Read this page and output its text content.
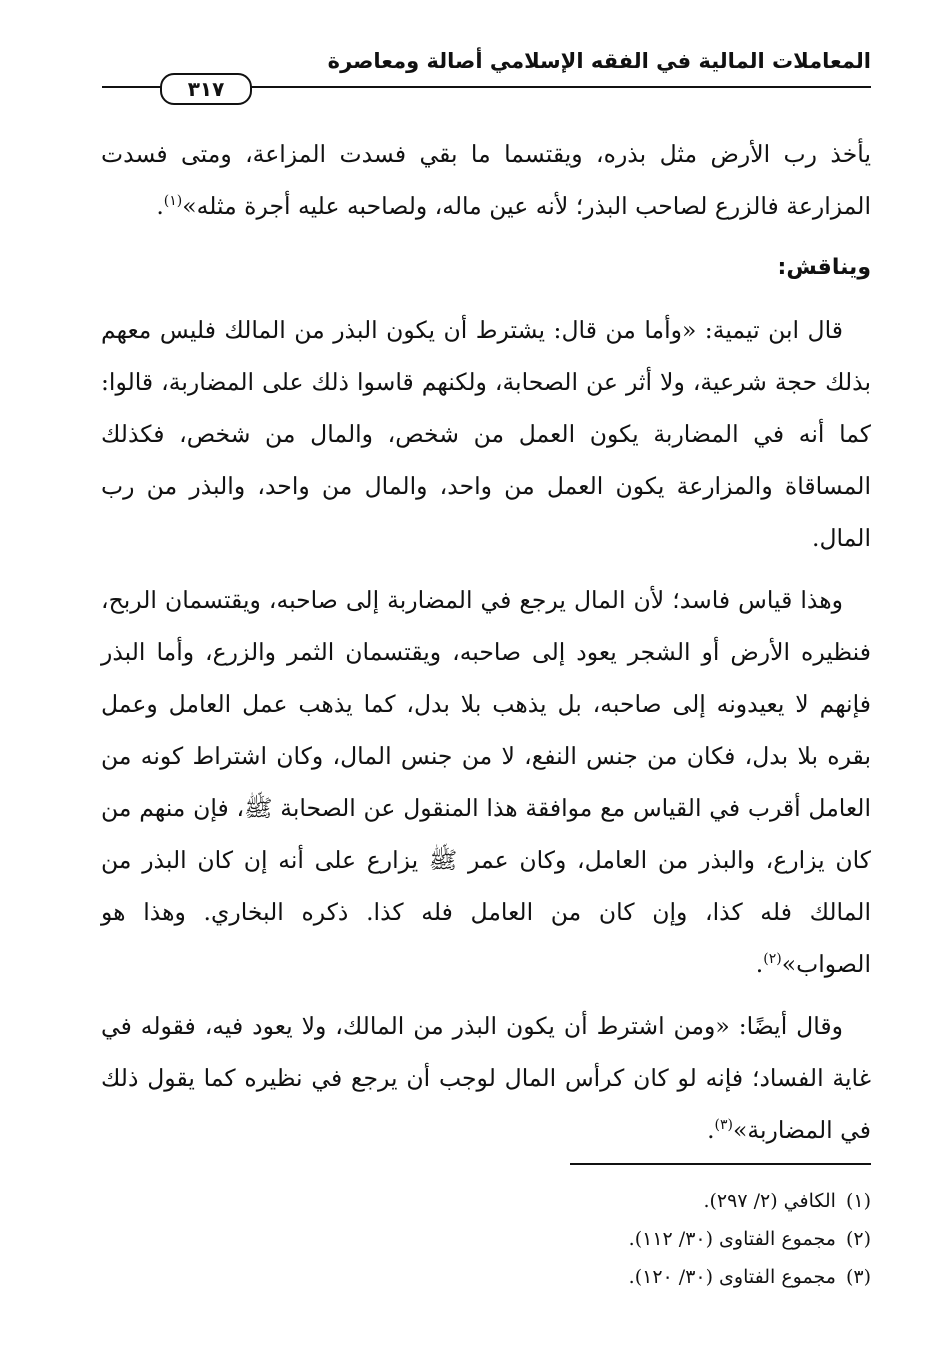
المعاملات المالية في الفقه الإسلامي أصالة ومعاصرة
٣١٧

يأخذ رب الأرض مثل بذره، ويقتسما ما بقي فسدت المزاعة، ومتى فسدت المزارعة فالزرع لصاحب البذر؛ لأنه عين ماله، ولصاحبه عليه أجرة مثله»$^{(١)}$.

ويناقش:

قال ابن تيمية: «وأما من قال: يشترط أن يكون البذر من المالك فليس معهم بذلك حجة شرعية، ولا أثر عن الصحابة، ولكنهم قاسوا ذلك على المضاربة، قالوا: كما أنه في المضاربة يكون العمل من شخص، والمال من شخص، فكذلك المساقاة والمزارعة يكون العمل من واحد، والمال من واحد، والبذر من رب المال.

وهذا قياس فاسد؛ لأن المال يرجع في المضاربة إلى صاحبه، ويقتسمان الربح، فنظيره الأرض أو الشجر يعود إلى صاحبه، ويقتسمان الثمر والزرع، وأما البذر فإنهم لا يعيدونه إلى صاحبه، بل يذهب بلا بدل، كما يذهب عمل العامل وعمل بقره بلا بدل، فكان من جنس النفع، لا من جنس المال، وكان اشتراط كونه من العامل أقرب في القياس مع موافقة هذا المنقول عن الصحابة ﷺ، فإن منهم من كان يزارع، والبذر من العامل، وكان عمر ﷺ يزارع على أنه إن كان البذر من المالك فله كذا، وإن كان من العامل فله كذا. ذكره البخاري. وهذا هو الصواب»$^{(٢)}$.

وقال أيضًا: «ومن اشترط أن يكون البذر من المالك، ولا يعود فيه، فقوله في غاية الفساد؛ فإنه لو كان كرأس المال لوجب أن يرجع في نظيره كما يقول ذلك في المضاربة»$^{(٣)}$.

(١)الكافي (٢/ ٢٩٧).

(٢)مجموع الفتاوى (٣٠/ ١١٢).

(٣)مجموع الفتاوى (٣٠/ ١٢٠).
